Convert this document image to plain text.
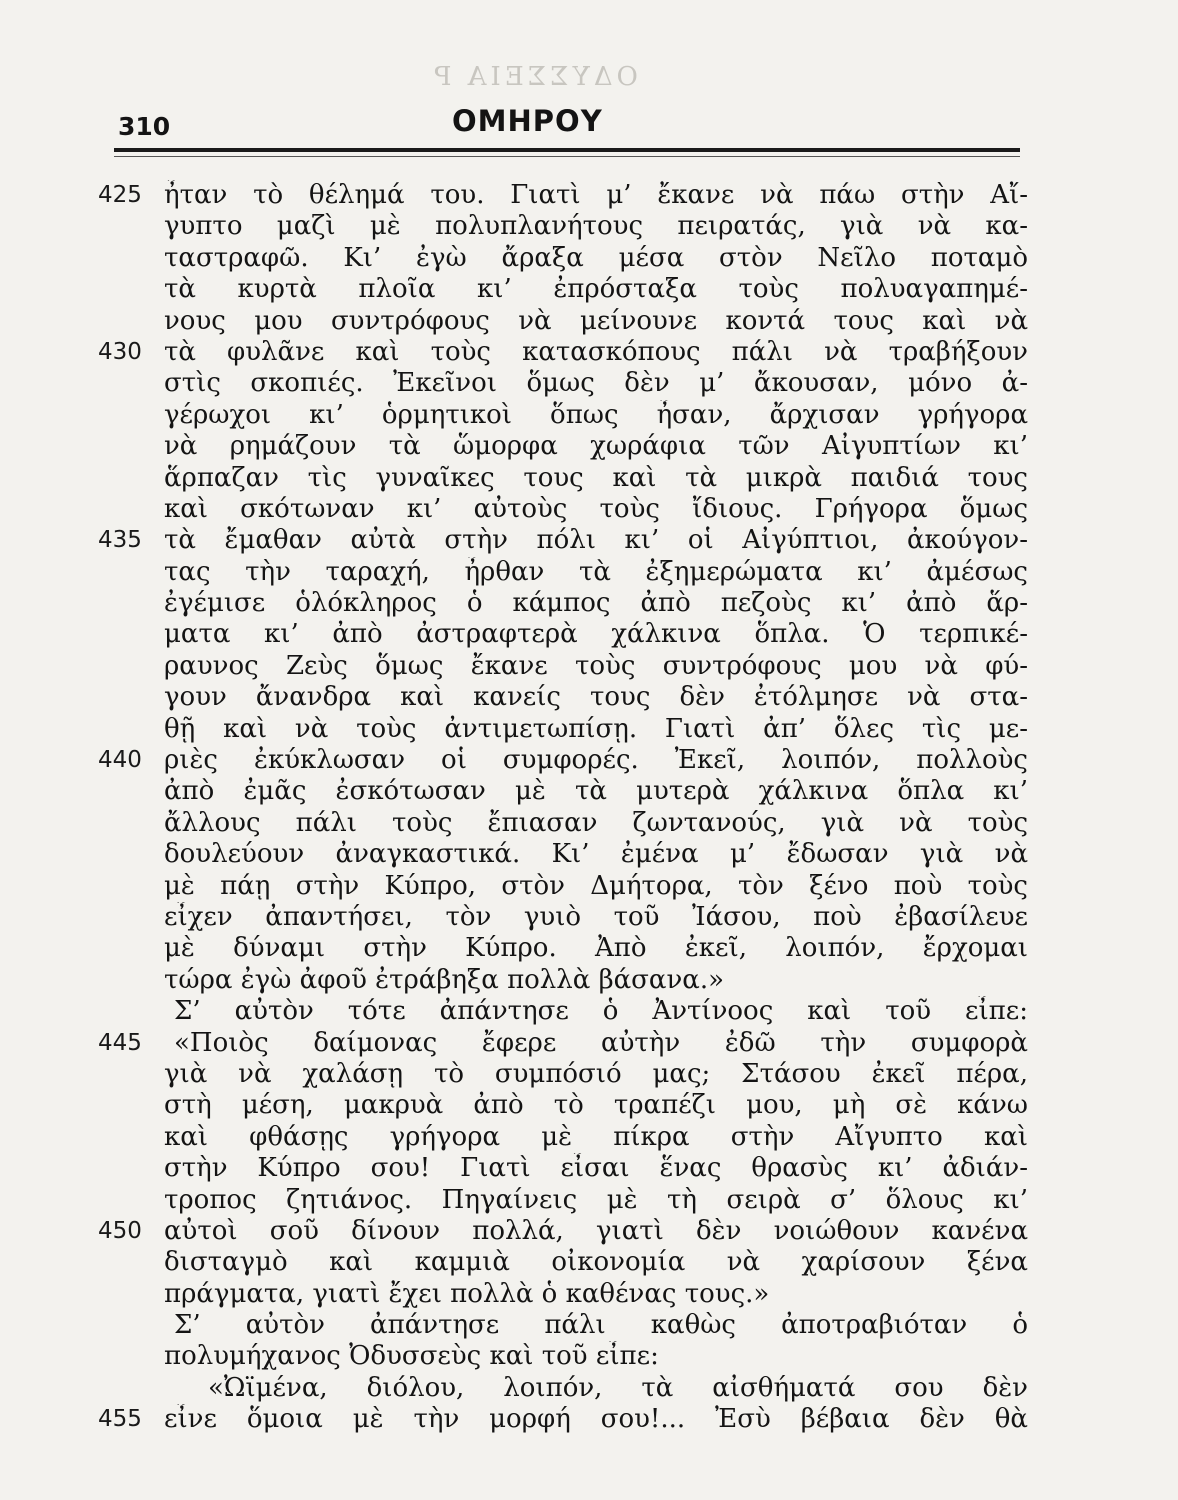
ΟΔΥΣΣΕΙΑ Ρ
310	ΟΜΗΡΟΥ
425 ἦταν τὸ θέλημά του. Γιατὶ μ’ ἔκανε νὰ πάω στὴν Αἴ-
γυπτο μαζὶ μὲ πολυπλανήτους πειρατάς, γιὰ νὰ κα-
ταστραφῶ. Κι’ ἐγὼ ἄραξα μέσα στὸν Νεῖλο ποταμὸ
τὰ κυρτὰ πλοῖα κι’ ἐπρόσταξα τοὺς πολυαγαπημέ-
νους μου συντρόφους νὰ μείνουνε κοντά τους καὶ νὰ
430 τὰ φυλᾶνε καὶ τοὺς κατασκόπους πάλι νὰ τραβήξουν
στὶς σκοπιές. Ἐκεῖνοι ὅμως δὲν μ’ ἄκουσαν, μόνο ἀ-
γέρωχοι κι’ ὁρμητικοὶ ὅπως ἦσαν, ἄρχισαν γρήγορα
νὰ ρημάζουν τὰ ὥμορφα χωράφια τῶν Αἰγυπτίων κι’
ἅρπαζαν τὶς γυναῖκες τους καὶ τὰ μικρὰ παιδιά τους
καὶ σκότωναν κι’ αὐτοὺς τοὺς ἴδιους. Γρήγορα ὅμως
435 τὰ ἔμαθαν αὐτὰ στὴν πόλι κι’ οἱ Αἰγύπτιοι, ἀκούγον-
τας τὴν ταραχή, ἦρθαν τὰ ἐξημερώματα κι’ ἀμέσως
ἐγέμισε ὁλόκληρος ὁ κάμπος ἀπὸ πεζοὺς κι’ ἀπὸ ἅρ-
ματα κι’ ἀπὸ ἀστραφτερὰ χάλκινα ὅπλα. Ὁ τερπικέ-
ραυνος Ζεὺς ὅμως ἔκανε τοὺς συντρόφους μου νὰ φύ-
γουν ἄνανδρα καὶ κανείς τους δὲν ἐτόλμησε νὰ στα-
θῇ καὶ νὰ τοὺς ἀντιμετωπίσῃ. Γιατὶ ἀπ’ ὅλες τὶς με-
440 ριὲς ἐκύκλωσαν οἱ συμφορές. Ἐκεῖ, λοιπόν, πολλοὺς
ἀπὸ ἐμᾶς ἐσκότωσαν μὲ τὰ μυτερὰ χάλκινα ὅπλα κι’
ἄλλους πάλι τοὺς ἔπιασαν ζωντανούς, γιὰ νὰ τοὺς
δουλεύουν ἀναγκαστικά. Κι’ ἐμένα μ’ ἔδωσαν γιὰ νὰ
μὲ πάῃ στὴν Κύπρο, στὸν Δμήτορα, τὸν ξένο ποὺ τοὺς
εἶχεν ἀπαντήσει, τὸν γυιὸ τοῦ Ἰάσου, ποὺ ἐβασίλευε
μὲ δύναμι στὴν Κύπρο. Ἀπὸ ἐκεῖ, λοιπόν, ἔρχομαι
τώρα ἐγὼ ἀφοῦ ἐτράβηξα πολλὰ βάσανα.»
Σ’ αὐτὸν τότε ἀπάντησε ὁ Ἀντίνοος καὶ τοῦ εἶπε:
445	«Ποιὸς δαίμονας ἔφερε αὐτὴν ἐδῶ τὴν συμφορὰ
γιὰ νὰ χαλάσῃ τὸ συμπόσιό μας; Στάσου ἐκεῖ πέρα,
στὴ μέση, μακρυὰ ἀπὸ τὸ τραπέζι μου, μὴ σὲ κάνω
καὶ φθάσῃς γρήγορα μὲ πίκρα στὴν Αἴγυπτο καὶ
στὴν Κύπρο σου! Γιατὶ εἶσαι ἕνας θρασὺς κι’ ἀδιάν-
τροπος ζητιάνος. Πηγαίνεις μὲ τὴ σειρὰ σ’ ὅλους κι’
450 αὐτοὶ σοῦ δίνουν πολλά, γιατὶ δὲν νοιώθουν κανένα
δισταγμὸ καὶ καμμιὰ οἰκονομία νὰ χαρίσουν ξένα
πράγματα, γιατὶ ἔχει πολλὰ ὁ καθένας τους.»
Σ’ αὐτὸν ἀπάντησε πάλι καθὼς ἀποτραβιόταν ὁ
πολυμήχανος Ὀδυσσεὺς καὶ τοῦ εἶπε:
«Ὠϊμένα, διόλου, λοιπόν, τὰ αἰσθήματά σου δὲν
455 εἶνε ὅμοια μὲ τὴν μορφή σου!... Ἐσὺ βέβαια δὲν θὰ
